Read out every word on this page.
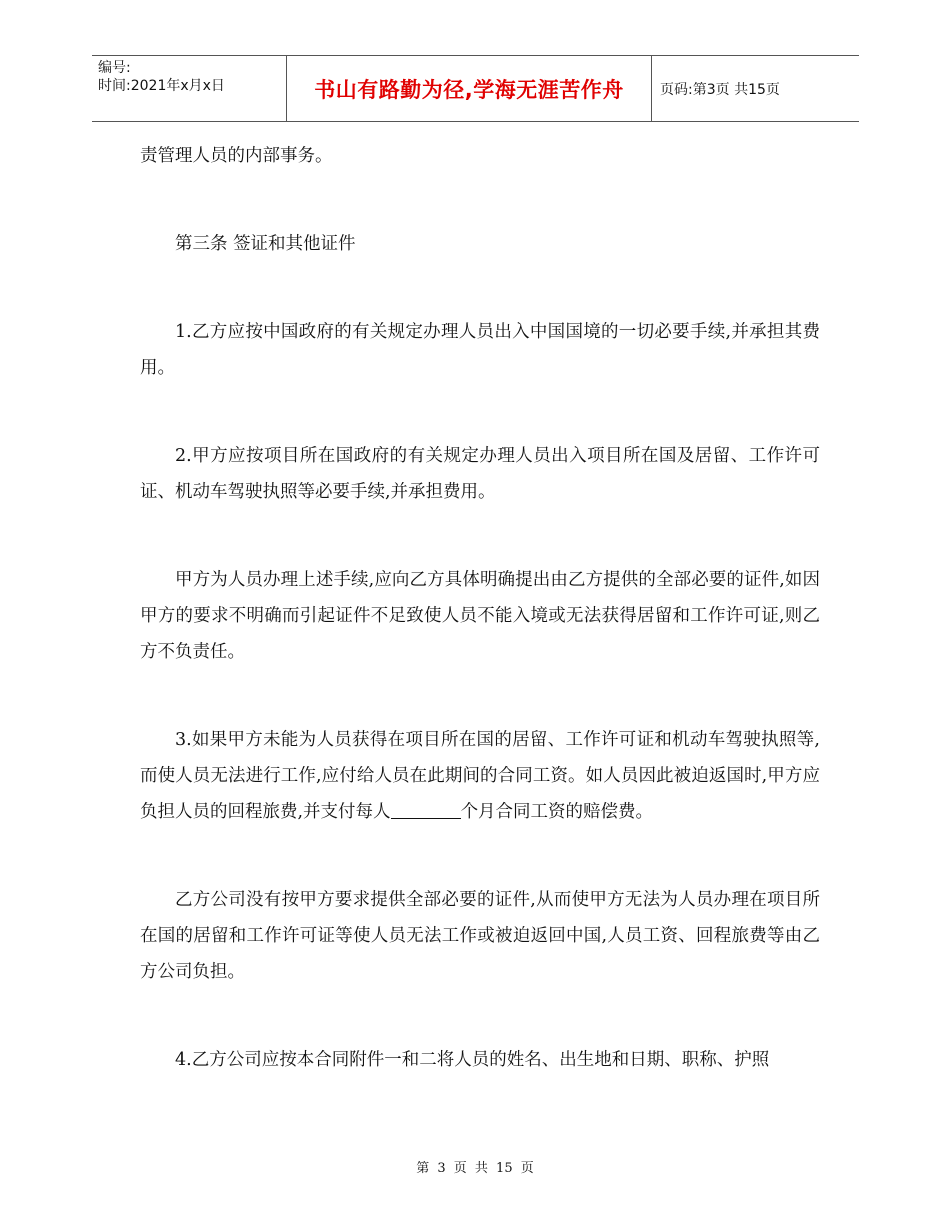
编号:
时间:2021年x月x日	书山有路勤为径,学海无涯苦作舟	页码:第3页 共15页

责管理人员的内部事务。

第三条 签证和其他证件

1.乙方应按中国政府的有关规定办理人员出入中国国境的一切必要手续,并承担其费用。

2.甲方应按项目所在国政府的有关规定办理人员出入项目所在国及居留、工作许可证、机动车驾驶执照等必要手续,并承担费用。

甲方为人员办理上述手续,应向乙方具体明确提出由乙方提供的全部必要的证件,如因甲方的要求不明确而引起证件不足致使人员不能入境或无法获得居留和工作许可证,则乙方不负责任。

3.如果甲方未能为人员获得在项目所在国的居留、工作许可证和机动车驾驶执照等,而使人员无法进行工作,应付给人员在此期间的合同工资。如人员因此被迫返国时,甲方应负担人员的回程旅费,并支付每人	个月合同工资的赔偿费。

乙方公司没有按甲方要求提供全部必要的证件,从而使甲方无法为人员办理在项目所在国的居留和工作许可证等使人员无法工作或被迫返回中国,人员工资、回程旅费等由乙方公司负担。

4.乙方公司应按本合同附件一和二将人员的姓名、出生地和日期、职称、护照

第 3 页 共 15 页
